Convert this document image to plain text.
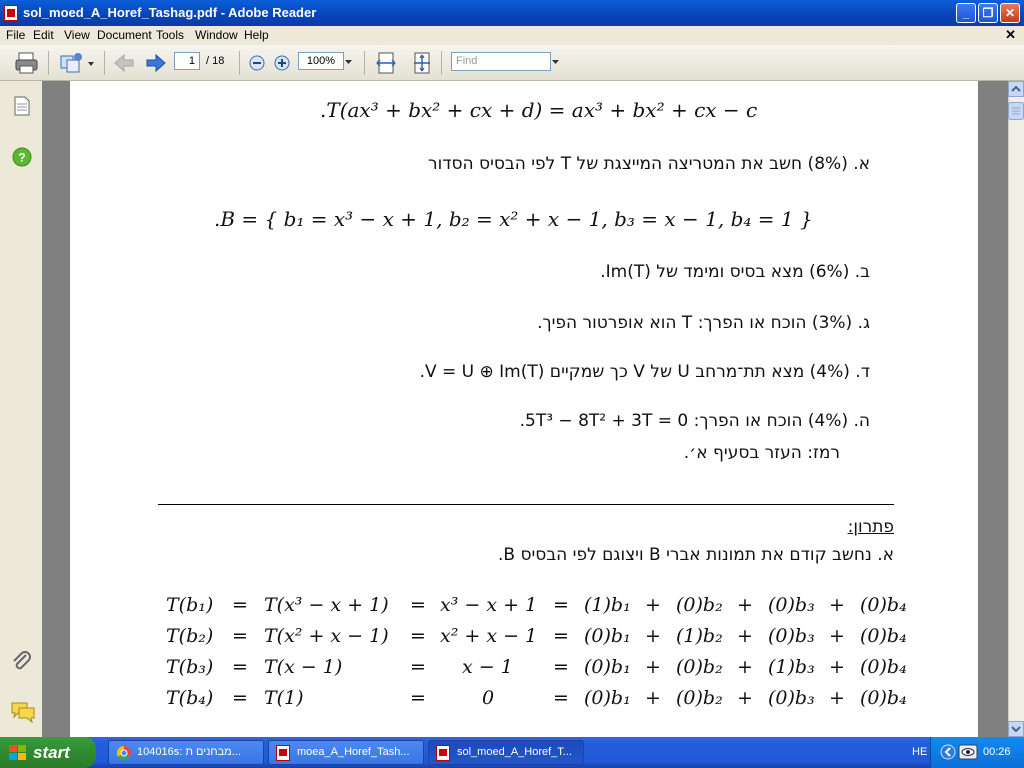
sol_moed_A_Horef_Tashag.pdf - Adobe Reader	_	❐ ✕
File Edit View Document Tools Window Help	✕
1	/ 18	100%	Find
?
.T(ax³ + bx² + cx + d) = ax³ + bx² + cx − c
א. (8%) חשב את המטריצה המייצגת של T לפי הבסיס הסדור
.B = { b₁ = x³ − x + 1, b₂ = x² + x − 1, b₃ = x − 1, b₄ = 1 }
ב. (6%) מצא בסיס ומימד של Im(T).
ג. (3%) הוכח או הפרך: T הוא אופרטור הפיך.
ד. (4%) מצא תת־מרחב U של V כך שמקיים V = U ⊕ Im(T).
ה. (4%) הוכח או הפרך: 5T³ − 8T² + 3T = 0.
רמז: העזר בסעיף א׳.
פתרון:
א. נחשב קודם את תמונות אברי B ויצוגם לפי הבסיס B.
T(b₁) = T(x³ − x + 1) = x³ − x + 1 = (1)b₁ + (0)b₂ + (0)b₃ + (0)b₄
T(b₂) = T(x² + x − 1) = x² + x − 1 = (0)b₁ + (1)b₂ + (0)b₃ + (0)b₄
T(b₃) = T(x − 1)	= x − 1 = (0)b₁ + (0)b₂ + (1)b₃ + (0)b₄
T(b₄) = T(1)	=	0	= (0)b₁ + (0)b₂ + (0)b₃ + (0)b₄
start	104016s: מבחנים ת...	moea_A_Horef_Tash...	sol_moed_A_Horef_T...	HE	00:26
